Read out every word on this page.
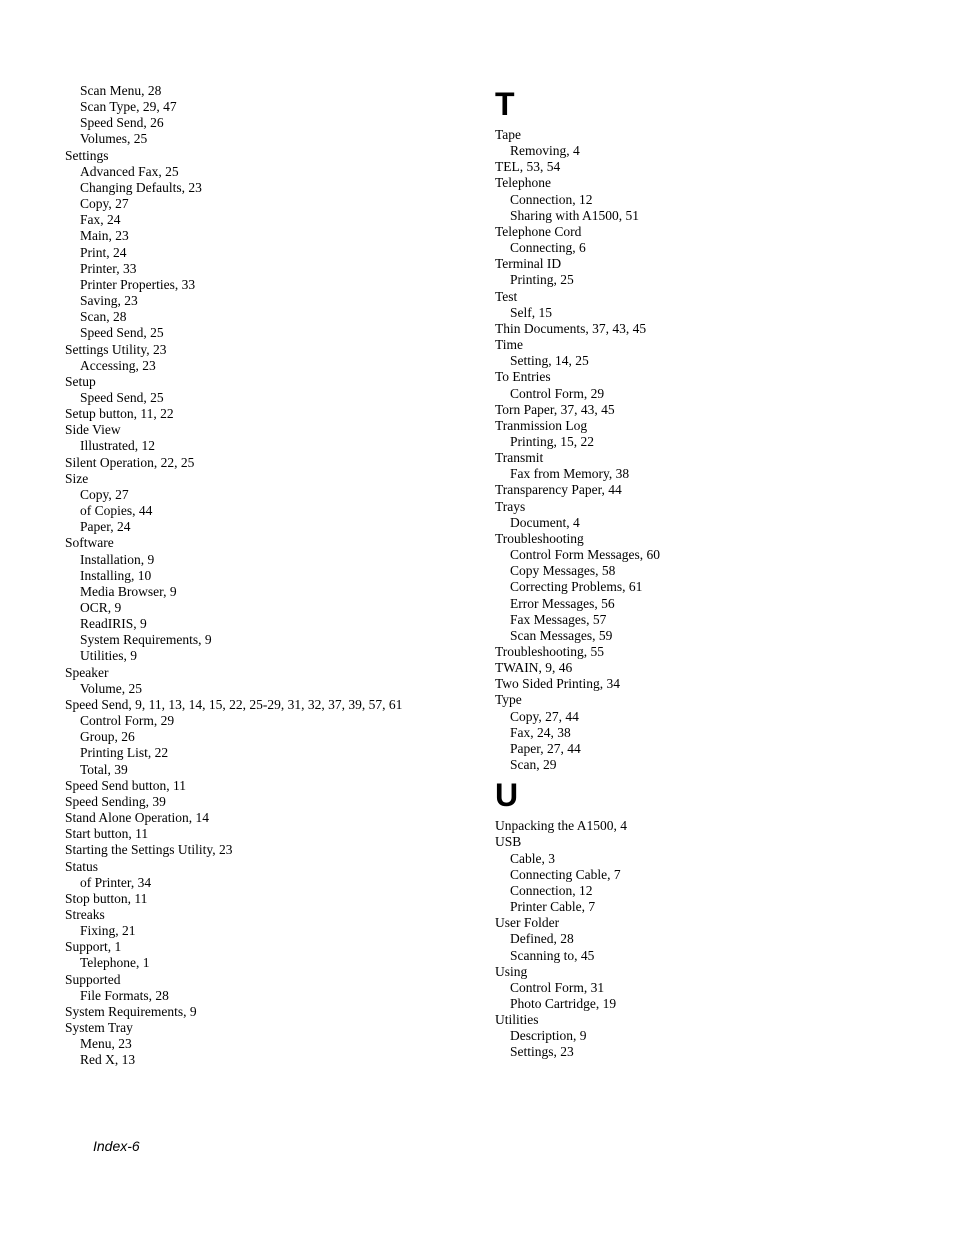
Scan Menu, 28
Scan Type, 29, 47
Speed Send, 26
Volumes, 25
Settings
Advanced Fax, 25
Changing Defaults, 23
Copy, 27
Fax, 24
Main, 23
Print, 24
Printer, 33
Printer Properties, 33
Saving, 23
Scan, 28
Speed Send, 25
Settings Utility, 23
Accessing, 23
Setup
Speed Send, 25
Setup button, 11, 22
Side View
Illustrated, 12
Silent Operation, 22, 25
Size
Copy, 27
of Copies, 44
Paper, 24
Software
Installation, 9
Installing, 10
Media Browser, 9
OCR, 9
ReadIRIS, 9
System Requirements, 9
Utilities, 9
Speaker
Volume, 25
Speed Send, 9, 11, 13, 14, 15, 22, 25-29, 31, 32, 37, 39, 57, 61
Control Form, 29
Group, 26
Printing List, 22
Total, 39
Speed Send button, 11
Speed Sending, 39
Stand Alone Operation, 14
Start button, 11
Starting the Settings Utility, 23
Status
of Printer, 34
Stop button, 11
Streaks
Fixing, 21
Support, 1
Telephone, 1
Supported
File Formats, 28
System Requirements, 9
System Tray
Menu, 23
Red X, 13
T
Tape
Removing, 4
TEL, 53, 54
Telephone
Connection, 12
Sharing with A1500, 51
Telephone Cord
Connecting, 6
Terminal ID
Printing, 25
Test
Self, 15
Thin Documents, 37, 43, 45
Time
Setting, 14, 25
To Entries
Control Form, 29
Torn Paper, 37, 43, 45
Tranmission Log
Printing, 15, 22
Transmit
Fax from Memory, 38
Transparency Paper, 44
Trays
Document, 4
Troubleshooting
Control Form Messages, 60
Copy Messages, 58
Correcting Problems, 61
Error Messages, 56
Fax Messages, 57
Scan Messages, 59
Troubleshooting, 55
TWAIN, 9, 46
Two Sided Printing, 34
Type
Copy, 27, 44
Fax, 24, 38
Paper, 27, 44
Scan, 29
U
Unpacking the A1500, 4
USB
Cable, 3
Connecting Cable, 7
Connection, 12
Printer Cable, 7
User Folder
Defined, 28
Scanning to, 45
Using
Control Form, 31
Photo Cartridge, 19
Utilities
Description, 9
Settings, 23
Index-6
